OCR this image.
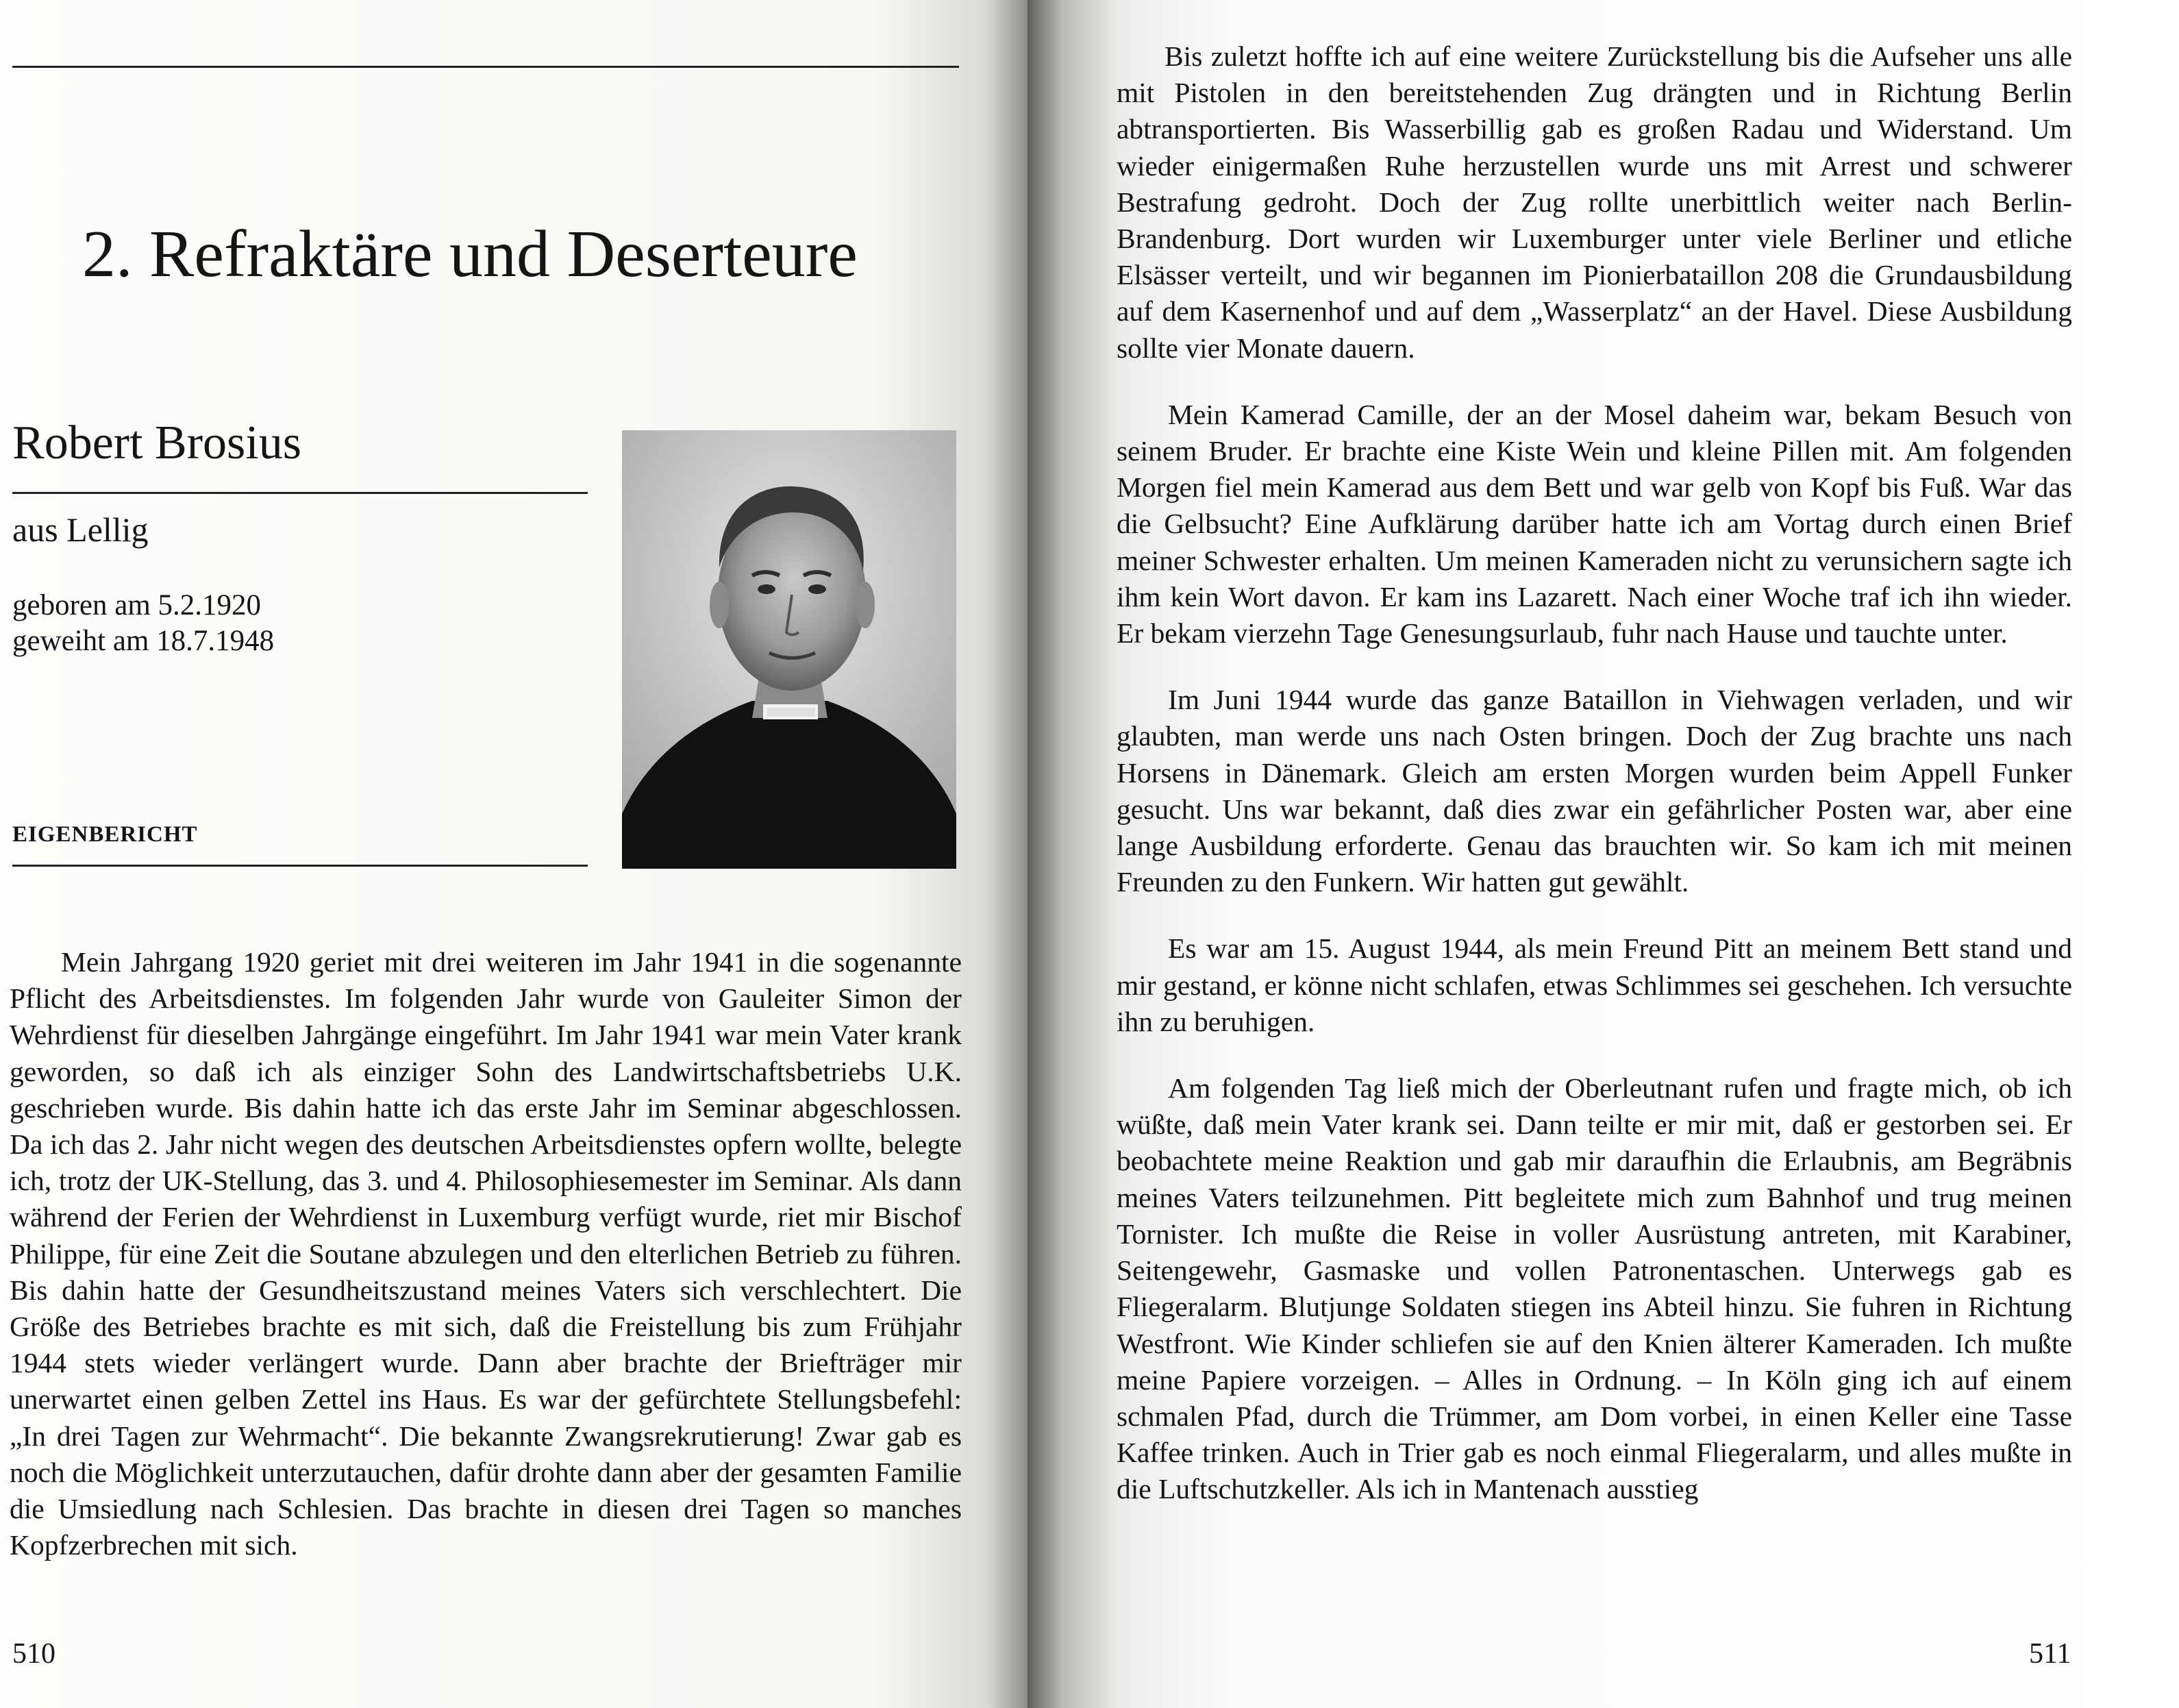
2. Refraktäre und Deserteure
Robert Brosius
aus Lellig
geboren am 5.2.1920
geweiht am 18.7.1948
EIGENBERICHT

Mein Jahrgang 1920 geriet mit drei weiteren im Jahr 1941 in die sogenannte Pflicht des Arbeitsdienstes. Im folgenden Jahr wurde von Gauleiter Simon der Wehrdienst für dieselben Jahrgänge eingeführt. Im Jahr 1941 war mein Vater krank geworden, so daß ich als einziger Sohn des Landwirtschaftsbetriebs U.K. geschrieben wurde. Bis dahin hatte ich das erste Jahr im Seminar abgeschlossen. Da ich das 2. Jahr nicht wegen des deutschen Arbeitsdienstes opfern wollte, belegte ich, trotz der UK-Stellung, das 3. und 4. Philosophiesemester im Seminar. Als dann während der Ferien der Wehrdienst in Luxemburg verfügt wurde, riet mir Bischof Philippe, für eine Zeit die Soutane abzulegen und den elterlichen Betrieb zu führen. Bis dahin hatte der Gesundheitszustand meines Vaters sich verschlechtert. Die Größe des Betriebes brachte es mit sich, daß die Freistellung bis zum Frühjahr 1944 stets wieder verlängert wurde. Dann aber brachte der Briefträger mir unerwartet einen gelben Zettel ins Haus. Es war der gefürchtete Stellungsbefehl: „In drei Tagen zur Wehrmacht“. Die bekannte Zwangsrekrutierung! Zwar gab es noch die Möglichkeit unterzutauchen, dafür drohte dann aber der gesamten Familie die Umsiedlung nach Schlesien. Das brachte in diesen drei Tagen so manches Kopfzerbrechen mit sich.

510

Bis zuletzt hoffte ich auf eine weitere Zurückstellung bis die Aufseher uns alle mit Pistolen in den bereitstehenden Zug drängten und in Richtung Berlin abtransportierten. Bis Wasserbillig gab es großen Radau und Widerstand. Um wieder einigermaßen Ruhe herzustellen wurde uns mit Arrest und schwerer Bestrafung gedroht. Doch der Zug rollte unerbittlich weiter nach Berlin-Brandenburg. Dort wurden wir Luxemburger unter viele Berliner und etliche Elsässer verteilt, und wir begannen im Pionierbataillon 208 die Grundausbildung auf dem Kasernenhof und auf dem „Wasserplatz“ an der Havel. Diese Ausbildung sollte vier Monate dauern.

Mein Kamerad Camille, der an der Mosel daheim war, bekam Besuch von seinem Bruder. Er brachte eine Kiste Wein und kleine Pillen mit. Am folgenden Morgen fiel mein Kamerad aus dem Bett und war gelb von Kopf bis Fuß. War das die Gelbsucht? Eine Aufklärung darüber hatte ich am Vortag durch einen Brief meiner Schwester erhalten. Um meinen Kameraden nicht zu verunsichern sagte ich ihm kein Wort davon. Er kam ins Lazarett. Nach einer Woche traf ich ihn wieder. Er bekam vierzehn Tage Genesungsurlaub, fuhr nach Hause und tauchte unter.

Im Juni 1944 wurde das ganze Bataillon in Viehwagen verladen, und wir glaubten, man werde uns nach Osten bringen. Doch der Zug brachte uns nach Horsens in Dänemark. Gleich am ersten Morgen wurden beim Appell Funker gesucht. Uns war bekannt, daß dies zwar ein gefährlicher Posten war, aber eine lange Ausbildung erforderte. Genau das brauchten wir. So kam ich mit meinen Freunden zu den Funkern. Wir hatten gut gewählt.

Es war am 15. August 1944, als mein Freund Pitt an meinem Bett stand und mir gestand, er könne nicht schlafen, etwas Schlimmes sei geschehen. Ich versuchte ihn zu beruhigen.

Am folgenden Tag ließ mich der Oberleutnant rufen und fragte mich, ob ich wüßte, daß mein Vater krank sei. Dann teilte er mir mit, daß er gestorben sei. Er beobachtete meine Reaktion und gab mir daraufhin die Erlaubnis, am Begräbnis meines Vaters teilzunehmen. Pitt begleitete mich zum Bahnhof und trug meinen Tornister. Ich mußte die Reise in voller Ausrüstung antreten, mit Karabiner, Seitengewehr, Gasmaske und vollen Patronentaschen. Unterwegs gab es Fliegeralarm. Blutjunge Soldaten stiegen ins Abteil hinzu. Sie fuhren in Richtung Westfront. Wie Kinder schliefen sie auf den Knien älterer Kameraden. Ich mußte meine Papiere vorzeigen. – Alles in Ordnung. – In Köln ging ich auf einem schmalen Pfad, durch die Trümmer, am Dom vorbei, in einen Keller eine Tasse Kaffee trinken. Auch in Trier gab es noch einmal Fliegeralarm, und alles mußte in die Luftschutzkeller. Als ich in Mantenach ausstieg

511
